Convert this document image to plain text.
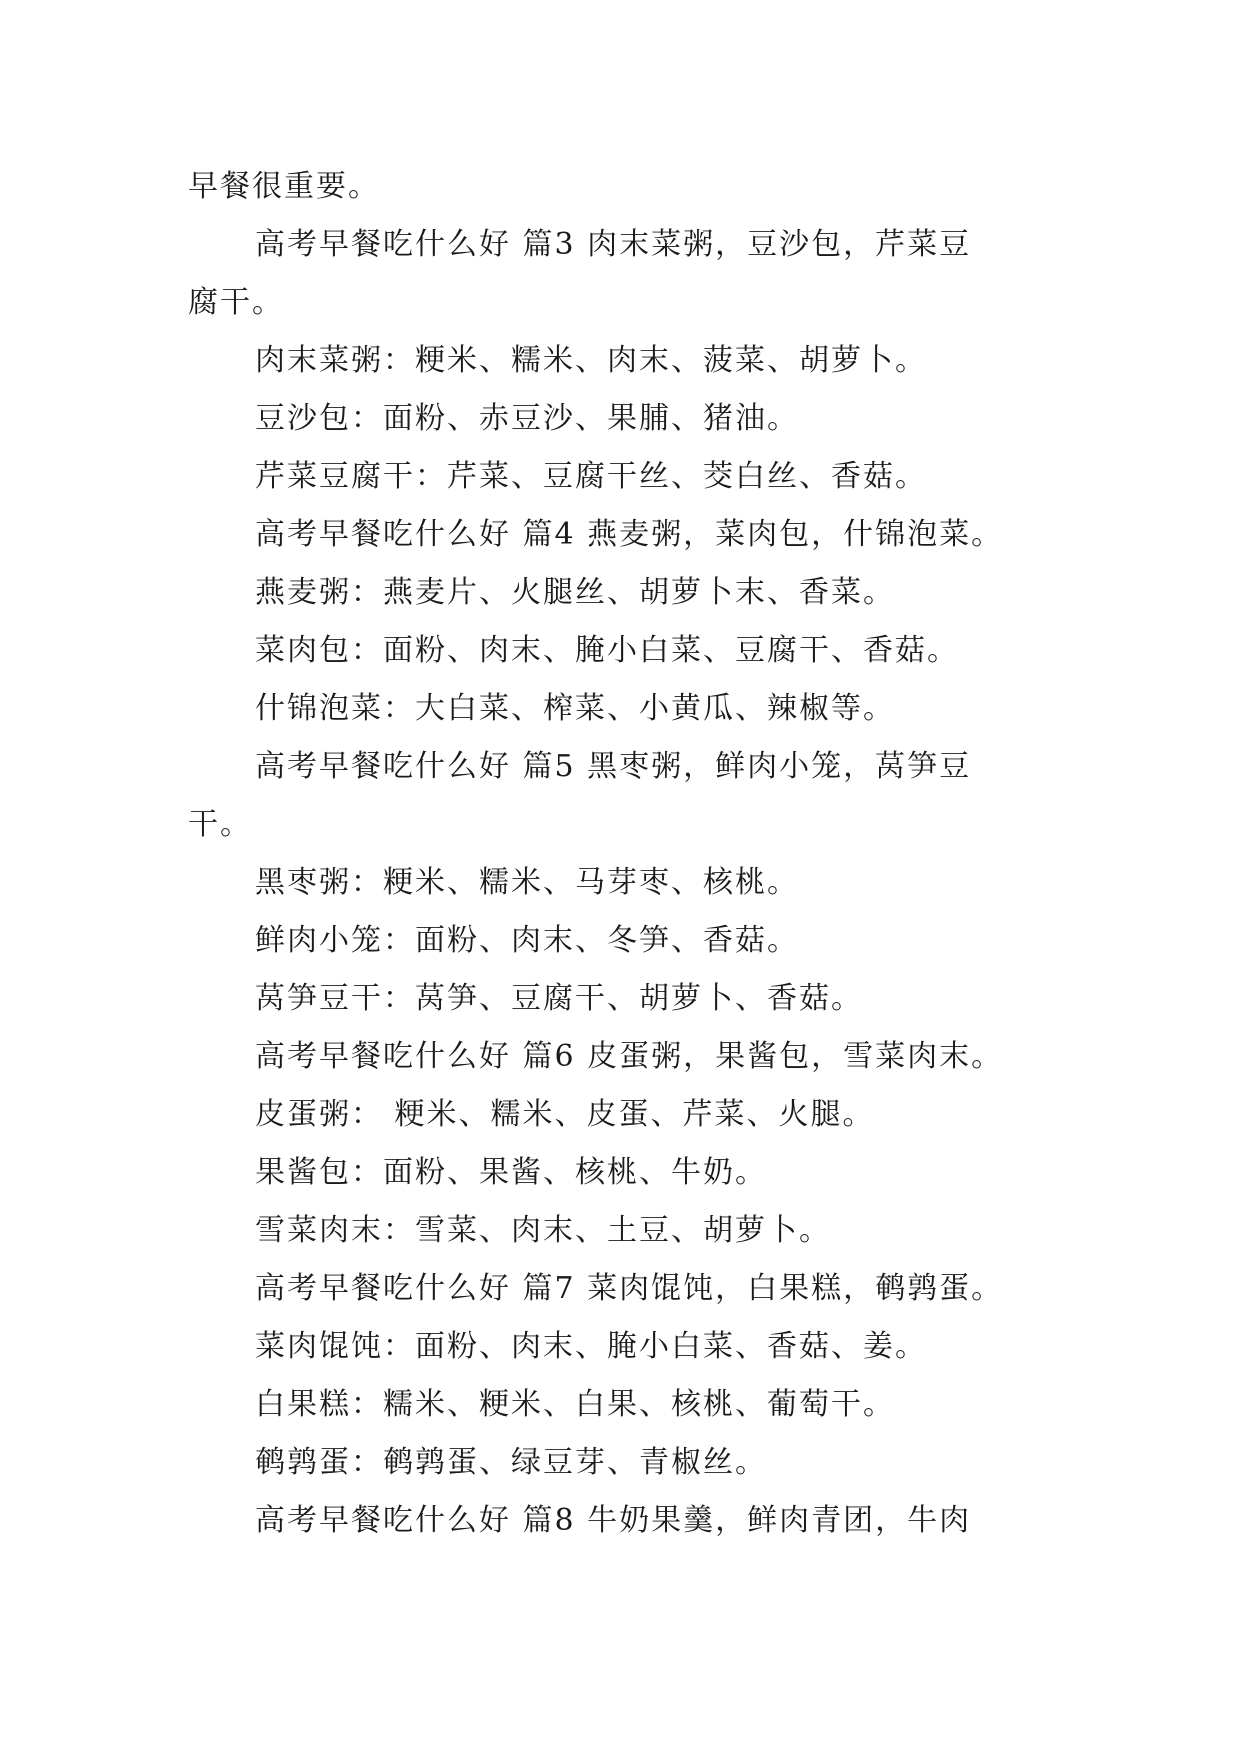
早餐很重要。
高考早餐吃什么好 篇3 肉末菜粥，豆沙包，芹菜豆
腐干。
肉末菜粥：粳米、糯米、肉末、菠菜、胡萝卜。
豆沙包：面粉、赤豆沙、果脯、猪油。
芹菜豆腐干：芹菜、豆腐干丝、茭白丝、香菇。
高考早餐吃什么好 篇4 燕麦粥，菜肉包，什锦泡菜。
燕麦粥：燕麦片、火腿丝、胡萝卜末、香菜。
菜肉包：面粉、肉末、腌小白菜、豆腐干、香菇。
什锦泡菜：大白菜、榨菜、小黄瓜、辣椒等。
高考早餐吃什么好 篇5 黑枣粥，鲜肉小笼，莴笋豆
干。
黑枣粥：粳米、糯米、马芽枣、核桃。
鲜肉小笼：面粉、肉末、冬笋、香菇。
莴笋豆干：莴笋、豆腐干、胡萝卜、香菇。
高考早餐吃什么好 篇6 皮蛋粥，果酱包，雪菜肉末。
皮蛋粥： 粳米、糯米、皮蛋、芹菜、火腿。
果酱包：面粉、果酱、核桃、牛奶。
雪菜肉末：雪菜、肉末、土豆、胡萝卜。
高考早餐吃什么好 篇7 菜肉馄饨，白果糕，鹌鹑蛋。
菜肉馄饨：面粉、肉末、腌小白菜、香菇、姜。
白果糕：糯米、粳米、白果、核桃、葡萄干。
鹌鹑蛋：鹌鹑蛋、绿豆芽、青椒丝。
高考早餐吃什么好 篇8 牛奶果羹，鲜肉青团，牛肉
